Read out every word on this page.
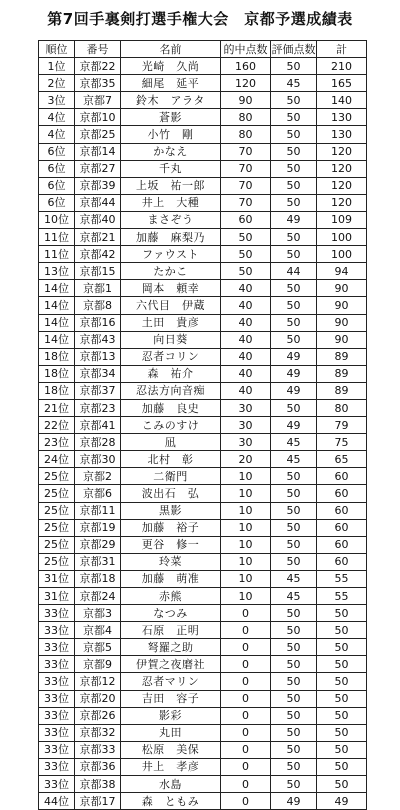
第7回手裏剣打選手権大会　京都予選成績表
順位	番号	名前	的中点数	評価点数	計
1位	京都22	光崎　久尚	160	50	210
2位	京都35	細尾　延平	120	45	165
3位	京都7	鈴木　アラタ	90	50	140
4位	京都10	蒼影	80	50	130
4位	京都25	小竹　剛	80	50	130
6位	京都14	かなえ	70	50	120
6位	京都27	千丸	70	50	120
6位	京都39	上坂　祐一郎	70	50	120
6位	京都44	井上　大種	70	50	120
10位	京都40	まさぞう	60	49	109
11位	京都21	加藤　麻梨乃	50	50	100
11位	京都42	ファウスト	50	50	100
13位	京都15	たかこ	50	44	94
14位	京都1	岡本　頼幸	40	50	90
14位	京都8	六代目　伊蔵	40	50	90
14位	京都16	土田　貴彦	40	50	90
14位	京都43	向日葵	40	50	90
18位	京都13	忍者コリン	40	49	89
18位	京都34	森　祐介	40	49	89
18位	京都37	忍法方向音痴	40	49	89
21位	京都23	加藤　良史	30	50	80
22位	京都41	こみのすけ	30	49	79
23位	京都28	凪	30	45	75
24位	京都30	北村　彰	20	45	65
25位	京都2	二衛門	10	50	60
25位	京都6	波出石　弘	10	50	60
25位	京都11	黒影	10	50	60
25位	京都19	加藤　裕子	10	50	60
25位	京都29	更谷　修一	10	50	60
25位	京都31	玲菜	10	50	60
31位	京都18	加藤　萌准	10	45	55
31位	京都24	赤熊	10	45	55
33位	京都3	なつみ	0	50	50
33位	京都4	石原　正明	0	50	50
33位	京都5	弩羅之助	0	50	50
33位	京都9	伊賀之夜磨社	0	50	50
33位	京都12	忍者マリン	0	50	50
33位	京都20	吉田　容子	0	50	50
33位	京都26	影彩	0	50	50
33位	京都32	丸田	0	50	50
33位	京都33	松原　美保	0	50	50
33位	京都36	井上　孝彦	0	50	50
33位	京都38	水島	0	50	50
44位	京都17	森　ともみ	0	49	49
